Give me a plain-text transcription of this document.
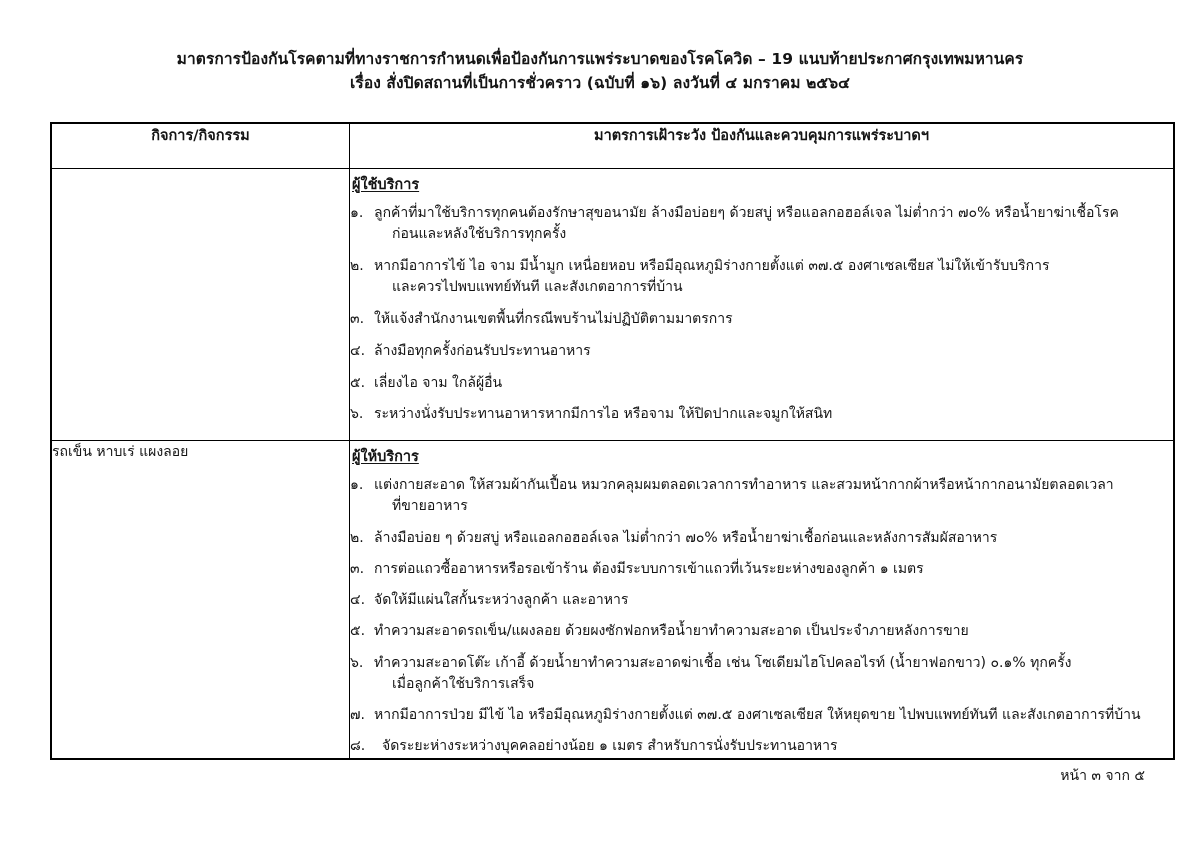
มาตรการป้องกันโรคตามที่ทางราชการกำหนดเพื่อป้องกันการแพร่ระบาดของโรคโควิด – 19 แนบท้ายประกาศกรุงเทพมหานคร
เรื่อง สั่งปิดสถานที่เป็นการชั่วคราว (ฉบับที่ ๑๖) ลงวันที่ ๔ มกราคม ๒๕๖๔
กิจการ/กิจกรรม	มาตรการเฝ้าระวัง ป้องกันและควบคุมการแพร่ระบาดฯ
	ผู้ใช้บริการ
๑. ลูกค้าที่มาใช้บริการทุกคนต้องรักษาสุขอนามัย ล้างมือบ่อยๆ ด้วยสบู่ หรือแอลกอฮอล์เจล ไม่ต่ำกว่า ๗๐% หรือน้ำยาฆ่าเชื้อโรค
ก่อนและหลังใช้บริการทุกครั้ง
๒. หากมีอาการไข้ ไอ จาม มีน้ำมูก เหนื่อยหอบ หรือมีอุณหภูมิร่างกายตั้งแต่ ๓๗.๕ องศาเซลเซียส ไม่ให้เข้ารับบริการ
และควรไปพบแพทย์ทันที และสังเกตอาการที่บ้าน
๓. ให้แจ้งสำนักงานเขตพื้นที่กรณีพบร้านไม่ปฏิบัติตามมาตรการ
๔. ล้างมือทุกครั้งก่อนรับประทานอาหาร
๕. เลี่ยงไอ จาม ใกล้ผู้อื่น
๖. ระหว่างนั่งรับประทานอาหารหากมีการไอ หรือจาม ให้ปิดปากและจมูกให้สนิท

รถเข็น หาบเร่ แผงลอย	ผู้ให้บริการ
๑. แต่งกายสะอาด ให้สวมผ้ากันเปื้อน หมวกคลุมผมตลอดเวลาการทำอาหาร และสวมหน้ากากผ้าหรือหน้ากากอนามัยตลอดเวลา
ที่ขายอาหาร
๒. ล้างมือบ่อย ๆ ด้วยสบู่ หรือแอลกอฮอล์เจล ไม่ต่ำกว่า ๗๐% หรือน้ำยาฆ่าเชื้อก่อนและหลังการสัมผัสอาหาร
๓. การต่อแถวซื้ออาหารหรือรอเข้าร้าน ต้องมีระบบการเข้าแถวที่เว้นระยะห่างของลูกค้า ๑ เมตร
๔. จัดให้มีแผ่นใสกั้นระหว่างลูกค้า และอาหาร
๕. ทำความสะอาดรถเข็น/แผงลอย ด้วยผงซักฟอกหรือน้ำยาทำความสะอาด เป็นประจำภายหลังการขาย
๖. ทำความสะอาดโต๊ะ เก้าอี้ ด้วยน้ำยาทำความสะอาดฆ่าเชื้อ เช่น โซเดียมไฮโปคลอไรท์ (น้ำยาฟอกขาว) ๐.๑% ทุกครั้ง
เมื่อลูกค้าใช้บริการเสร็จ
๗. หากมีอาการป่วย มีไข้ ไอ หรือมีอุณหภูมิร่างกายตั้งแต่ ๓๗.๕ องศาเซลเซียส ให้หยุดขาย ไปพบแพทย์ทันที และสังเกตอาการที่บ้าน
๘.	จัดระยะห่างระหว่างบุคคลอย่างน้อย ๑ เมตร สำหรับการนั่งรับประทานอาหาร
หน้า ๓ จาก ๕
